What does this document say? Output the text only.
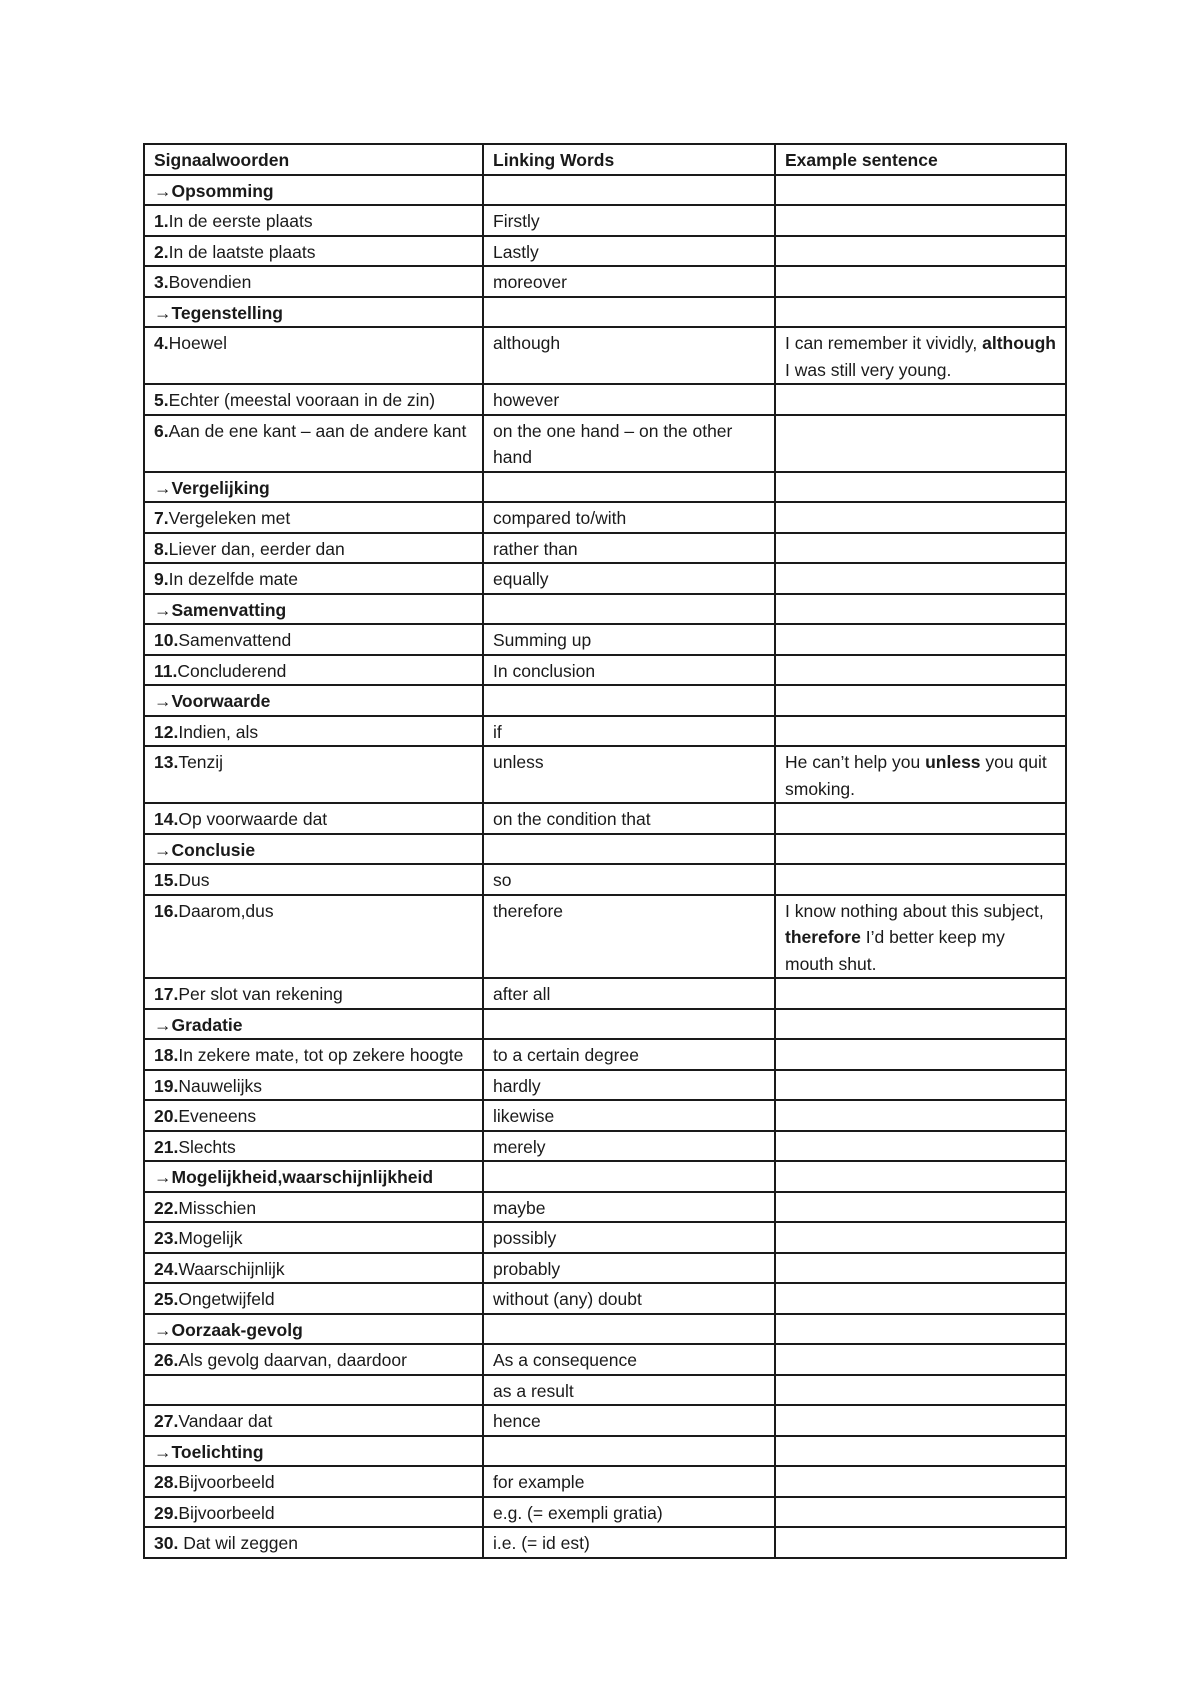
Signaalwoorden	Linking Words	Example sentence
→Opsomming		
1.In de eerste plaats	Firstly	
2.In de laatste plaats	Lastly	
3.Bovendien	moreover	
→Tegenstelling		
4.Hoewel	although	I can remember it vividly, although I was still very young.
5.Echter (meestal vooraan in de zin)	however	
6.Aan de ene kant – aan de andere kant	on the one hand – on the other hand	
→Vergelijking		
7.Vergeleken met	compared to/with	
8.Liever dan, eerder dan	rather than	
9.In dezelfde mate	equally	
→Samenvatting		
10.Samenvattend	Summing up	
11.Concluderend	In conclusion	
→Voorwaarde		
12.Indien, als	if	
13.Tenzij	unless	He can’t help you unless you quit smoking.
14.Op voorwaarde dat	on the condition that	
→Conclusie		
15.Dus	so	
16.Daarom,dus	therefore	I know nothing about this subject, therefore I’d better keep my mouth shut.
17.Per slot van rekening	after all	
→Gradatie		
18.In zekere mate, tot op zekere hoogte	to a certain degree	
19.Nauwelijks	hardly	
20.Eveneens	likewise	
21.Slechts	merely	
→Mogelijkheid,waarschijnlijkheid		
22.Misschien	maybe	
23.Mogelijk	possibly	
24.Waarschijnlijk	probably	
25.Ongetwijfeld	without (any) doubt	
→Oorzaak-gevolg		
26.Als gevolg daarvan, daardoor	As a consequence	
	as a result	
27.Vandaar dat	hence	
→Toelichting		
28.Bijvoorbeeld	for example	
29.Bijvoorbeeld	e.g. (= exempli gratia)	
30. Dat wil zeggen	i.e. (= id est)	
